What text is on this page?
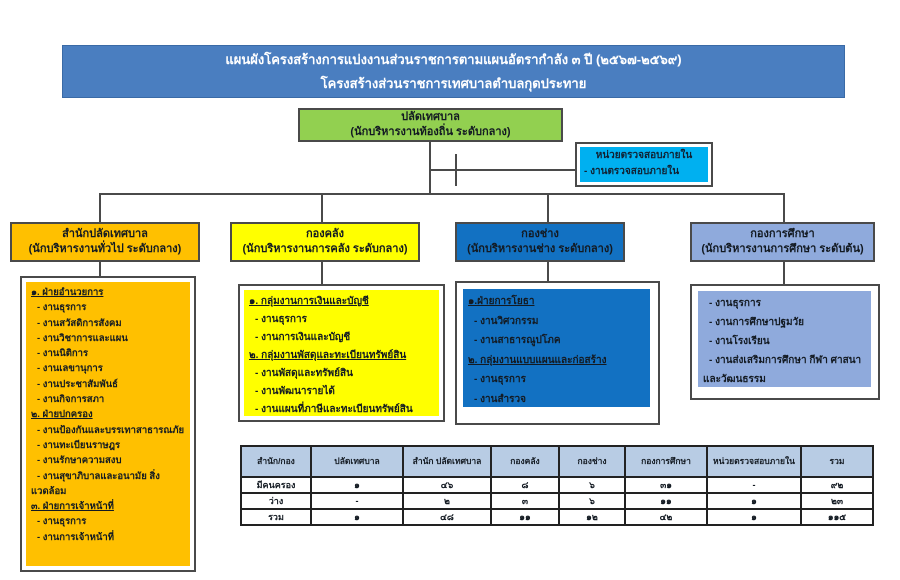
แผนผังโครงสร้างการแบ่งงานส่วนราชการตามแผนอัตรากำลัง ๓ ปี (๒๕๖๗-๒๕๖๙)
โครงสร้างส่วนราชการเทศบาลตำบลกุดประทาย
ปลัดเทศบาล
(นักบริหารงานท้องถิ่น ระดับกลาง)
หน่วยตรวจสอบภายใน
- งานตรวจสอบภายใน
สำนักปลัดเทศบาล
(นักบริหารงานทั่วไป ระดับกลาง)
กองคลัง
(นักบริหารงานการคลัง ระดับกลาง)
กองช่าง
(นักบริหารงานช่าง ระดับกลาง)
กองการศึกษา
(นักบริหารงานการศึกษา ระดับต้น)
๑. ฝ่ายอำนวยการ
- งานธุรการ
- งานสวัสดิการสังคม
- งานวิชาการและแผน
- งานนิติการ
- งานเลขานุการ
- งานประชาสัมพันธ์
- งานกิจการสภา
๒. ฝ่ายปกครอง
- งานป้องกันและบรรเทาสาธารณภัย
- งานทะเบียนราษฎร
- งานรักษาความสงบ
- งานสุขาภิบาลและอนามัย สิ่งแวดล้อม
๓. ฝ่ายการเจ้าหน้าที่
- งานธุรการ
- งานการเจ้าหน้าที่
๑. กลุ่มงานการเงินและบัญชี
- งานธุรการ
- งานการเงินและบัญชี
๒. กลุ่มงานพัสดุและทะเบียนทรัพย์สิน
- งานพัสดุและทรัพย์สิน
- งานพัฒนารายได้
- งานแผนที่ภาษีและทะเบียนทรัพย์สิน
๑.ฝ่ายการโยธา
- งานวิศวกรรม
- งานสาธารณูปโภค
๒. กลุ่มงานแบบแผนและก่อสร้าง
- งานธุรการ
- งานสำรวจ
- งานธุรการ
- งานการศึกษาปฐมวัย
- งานโรงเรียน
- งานส่งเสริมการศึกษา กีฬา ศาสนาและวัฒนธรรม
สำนัก/กอง	ปลัดเทศบาล	สำนัก ปลัดเทศบาล	กองคลัง	กองช่าง	กองการศึกษา	หน่วยตรวจสอบภายใน	รวม
มีคนครอง	๑	๔๖	๘	๖	๓๑	-	๙๒
ว่าง	-	๒	๓	๖	๑๑	๑	๒๓
รวม	๑	๔๘	๑๑	๑๒	๔๒	๑	๑๑๕
